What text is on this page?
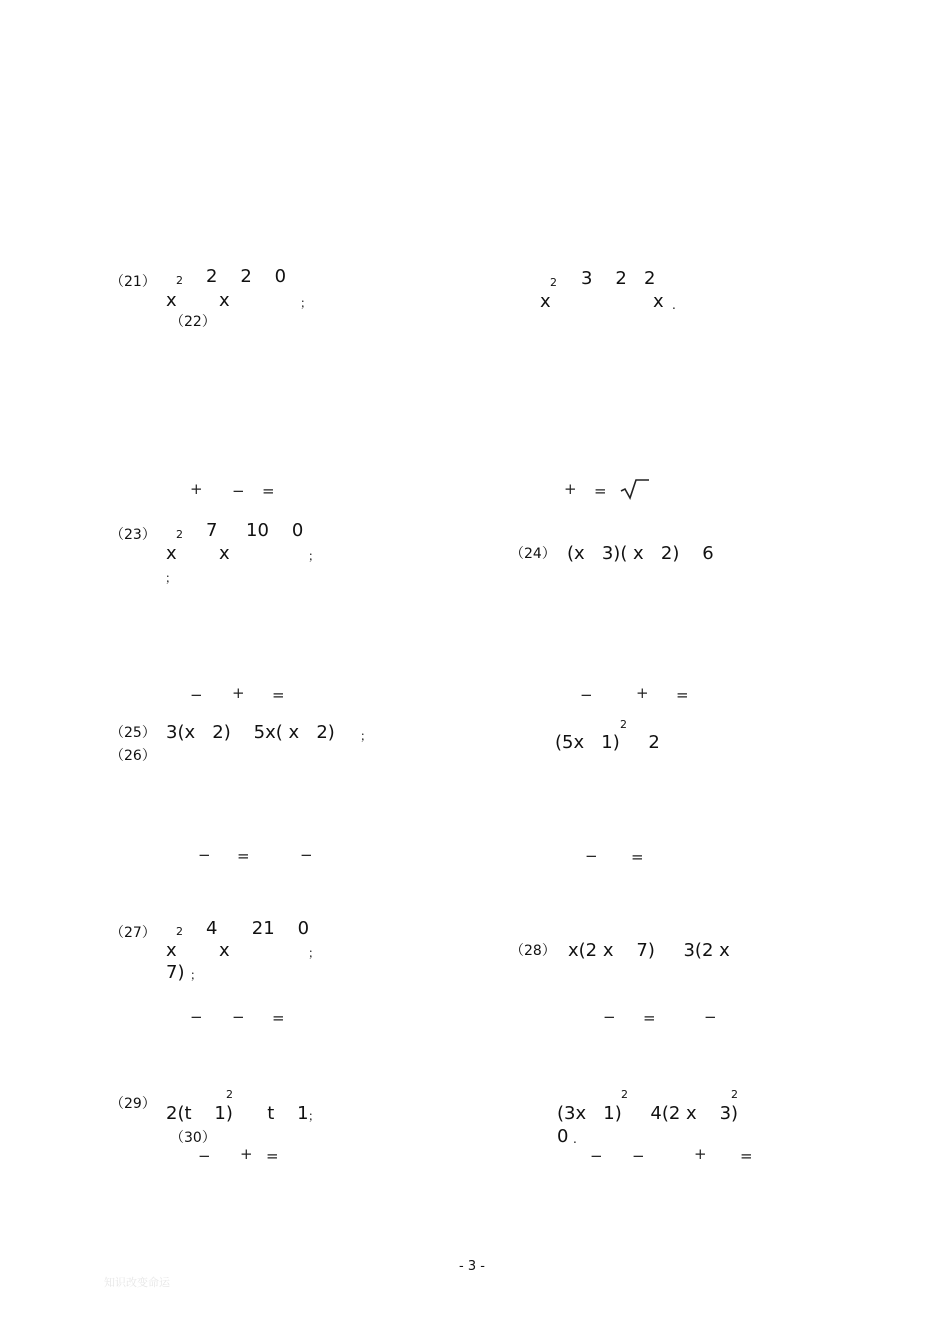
（21） 2 2    2    0
x x	；
（22）
2 3    2   2
x	x .
+ − =	+ =
（23） 2 7     10    0
x x	；
；
（24） (x   3)( x   2)    6
− + =	−	+ =
（25） 3(x   2)    5x( x   2) ；
（26）
2
(5x   1)     2
− =	−	− =
（27） 2 4      21    0
x x	；
7) ；
（28） x(2 x    7)     3(2 x
− − =	− =	−
（29）
2
2(t    1)      t    1 ；
（30）
2	2
(3x   1)     4(2 x    3)
0 .
− + =	− −	+ =
- 3 -
知识改变命运
